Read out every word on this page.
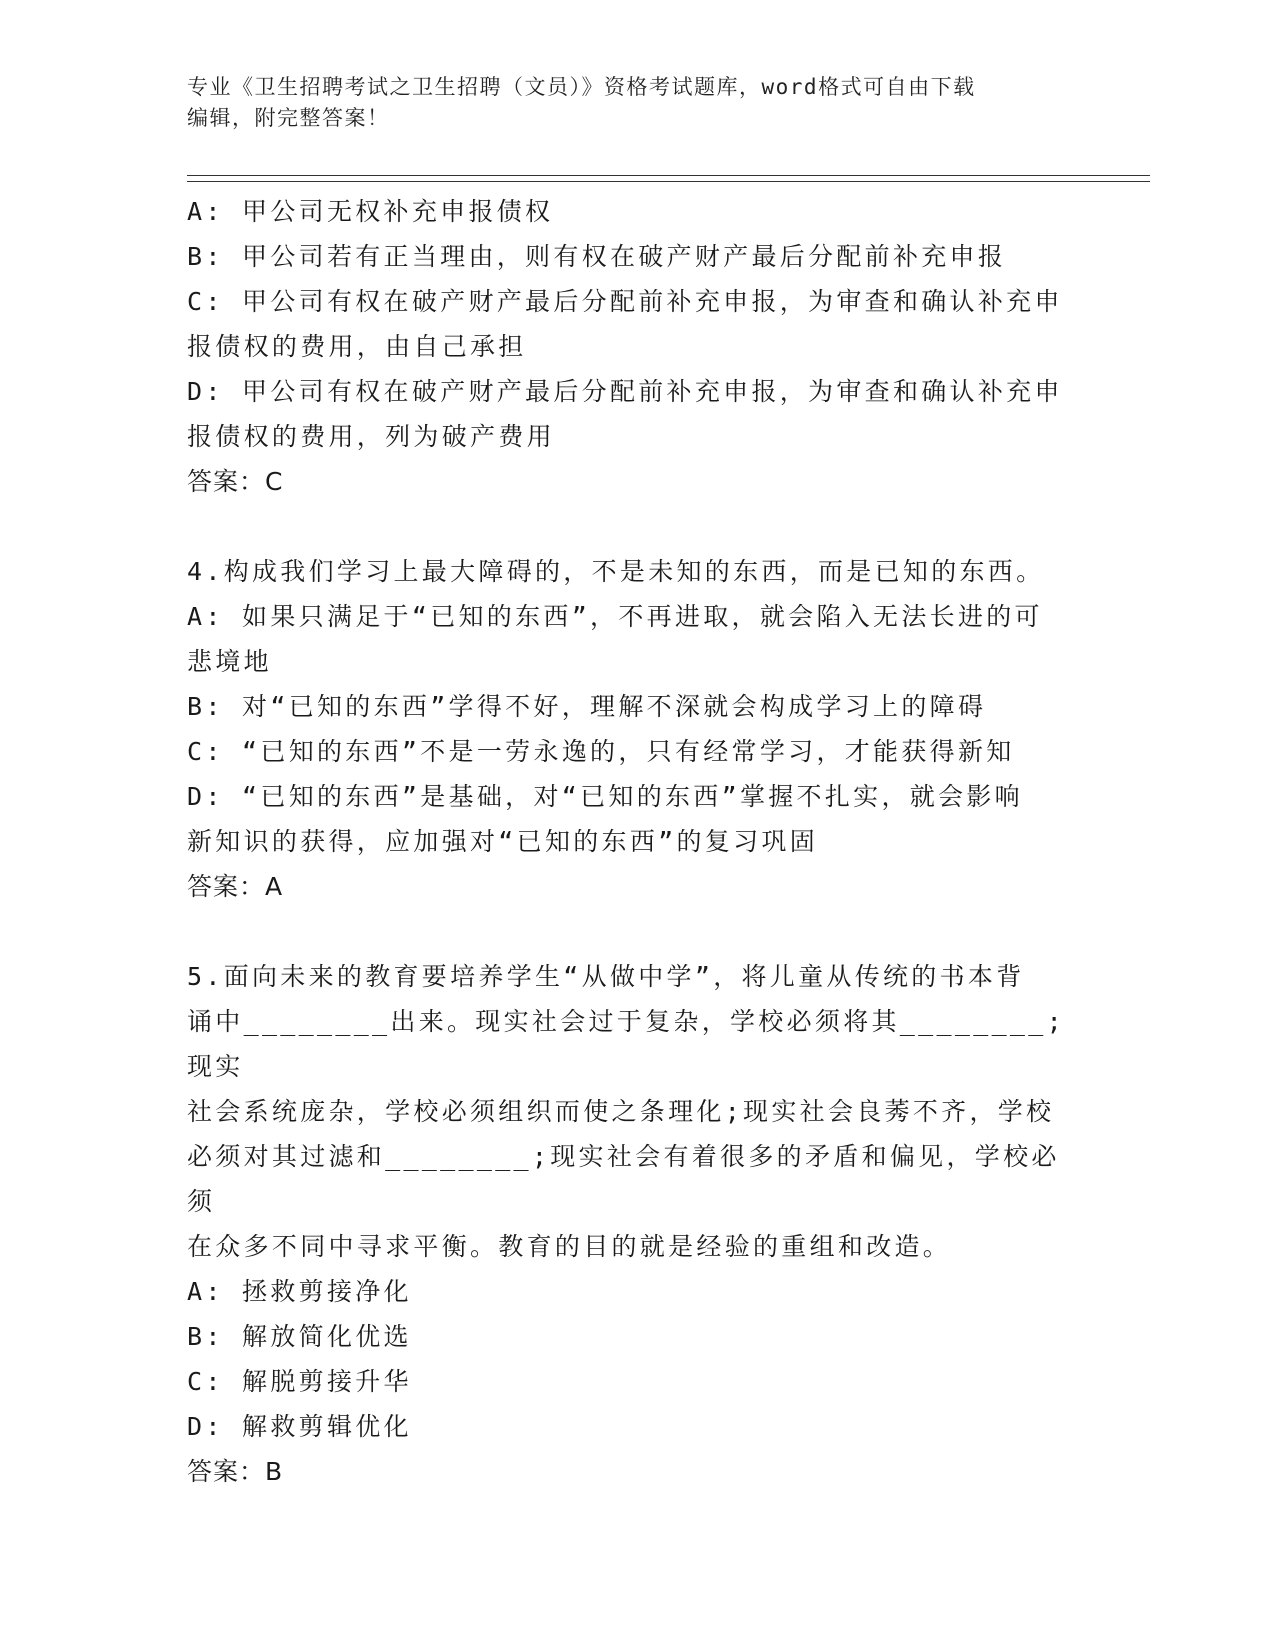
专业《卫生招聘考试之卫生招聘（文员）》资格考试题库，word格式可自由下载
编辑，附完整答案！

A: 甲公司无权补充申报债权

B: 甲公司若有正当理由，则有权在破产财产最后分配前补充申报

C: 甲公司有权在破产财产最后分配前补充申报，为审查和确认补充申

报债权的费用，由自己承担

D: 甲公司有权在破产财产最后分配前补充申报，为审查和确认补充申

报债权的费用，列为破产费用

答案：C

4.构成我们学习上最大障碍的，不是未知的东西，而是已知的东西。

A: 如果只满足于“已知的东西”，不再进取，就会陷入无法长进的可

悲境地

B: 对“已知的东西”学得不好，理解不深就会构成学习上的障碍

C: “已知的东西”不是一劳永逸的，只有经常学习，才能获得新知

D: “已知的东西”是基础，对“已知的东西”掌握不扎实，就会影响

新知识的获得，应加强对“已知的东西”的复习巩固

答案：A

5.面向未来的教育要培养学生“从做中学”，将儿童从传统的书本背

诵中________出来。现实社会过于复杂，学校必须将其________;现实

社会系统庞杂，学校必须组织而使之条理化;现实社会良莠不齐，学校

必须对其过滤和________;现实社会有着很多的矛盾和偏见，学校必须

在众多不同中寻求平衡。教育的目的就是经验的重组和改造。

A: 拯救剪接净化

B: 解放简化优选

C: 解脱剪接升华

D: 解救剪辑优化

答案：B
